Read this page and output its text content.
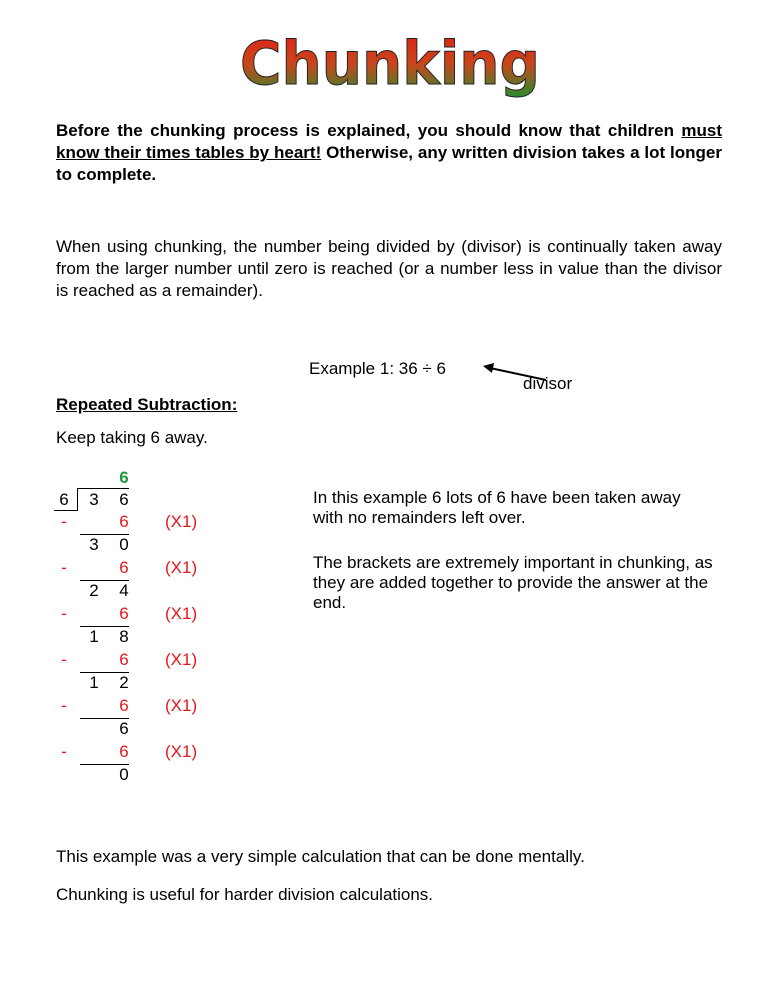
Chunking
Before the chunking process is explained, you should know that children must know their times tables by heart! Otherwise, any written division takes a lot longer to complete.
When using chunking, the number being divided by (divisor) is continually taken away from the larger number until zero is reached (or a number less in value than the divisor is reached as a remainder).
Example 1: 36 ÷ 6
divisor
Repeated Subtraction:
Keep taking 6 away.
6
6	3	6
-	6	(X1)
3	0
-	6	(X1)
2	4
-	6	(X1)
1	8
-	6	(X1)
1	2
-	6	(X1)
6
-	6	(X1)
0
In this example 6 lots of 6 have been taken away with no remainders left over.
The brackets are extremely important in chunking, as they are added together to provide the answer at the end.
This example was a very simple calculation that can be done mentally.
Chunking is useful for harder division calculations.
